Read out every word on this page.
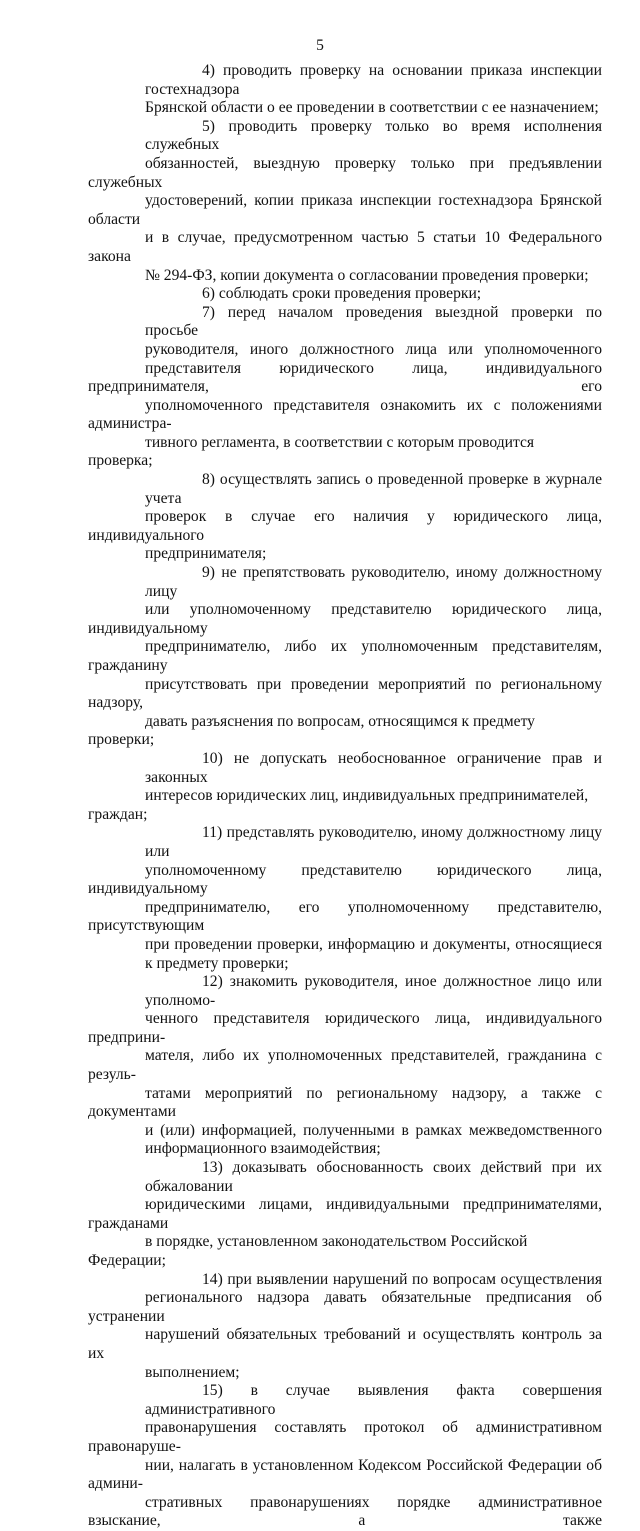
5
4) проводить проверку на основании приказа инспекции гостехнадзора
Брянской области о ее проведении в соответствии с ее назначением;
5) проводить проверку только во время исполнения служебных
обязанностей, выездную проверку только при предъявлении служебных
удостоверений, копии приказа инспекции гостехнадзора Брянской области
и в случае, предусмотренном частью 5 статьи 10 Федерального закона
№ 294-ФЗ, копии документа о согласовании проведения проверки;
6) соблюдать сроки проведения проверки;
7) перед началом проведения выездной проверки по просьбе
руководителя, иного должностного лица или уполномоченного
представителя юридического лица, индивидуального предпринимателя, его
уполномоченного представителя ознакомить их с положениями администра-
тивного регламента, в соответствии с которым проводится проверка;
8) осуществлять запись о проведенной проверке в журнале учета
проверок в случае его наличия у юридического лица, индивидуального
предпринимателя;
9) не препятствовать руководителю, иному должностному лицу
или уполномоченному представителю юридического лица, индивидуальному
предпринимателю, либо их уполномоченным представителям, гражданину
присутствовать при проведении мероприятий по региональному надзору,
давать разъяснения по вопросам, относящимся к предмету проверки;
10) не допускать необоснованное ограничение прав и законных
интересов юридических лиц, индивидуальных предпринимателей, граждан;
11) представлять руководителю, иному должностному лицу или
уполномоченному представителю юридического лица, индивидуальному
предпринимателю, его уполномоченному представителю, присутствующим
при проведении проверки, информацию и документы, относящиеся
к предмету проверки;
12) знакомить руководителя, иное должностное лицо или уполномо-
ченного представителя юридического лица, индивидуального предприни-
мателя, либо их уполномоченных представителей, гражданина с резуль-
татами мероприятий по региональному надзору, а также с документами
и (или) информацией, полученными в рамках межведомственного
информационного взаимодействия;
13) доказывать обоснованность своих действий при их обжаловании
юридическими лицами, индивидуальными предпринимателями, гражданами
в порядке, установленном законодательством Российской Федерации;
14) при выявлении нарушений по вопросам осуществления
регионального надзора давать обязательные предписания об устранении
нарушений обязательных требований и осуществлять контроль за их
выполнением;
15) в случае выявления факта совершения административного
правонарушения составлять протокол об административном правонаруше-
нии, налагать в установленном Кодексом Российской Федерации об админи-
стративных правонарушениях порядке административное взыскание, а также
